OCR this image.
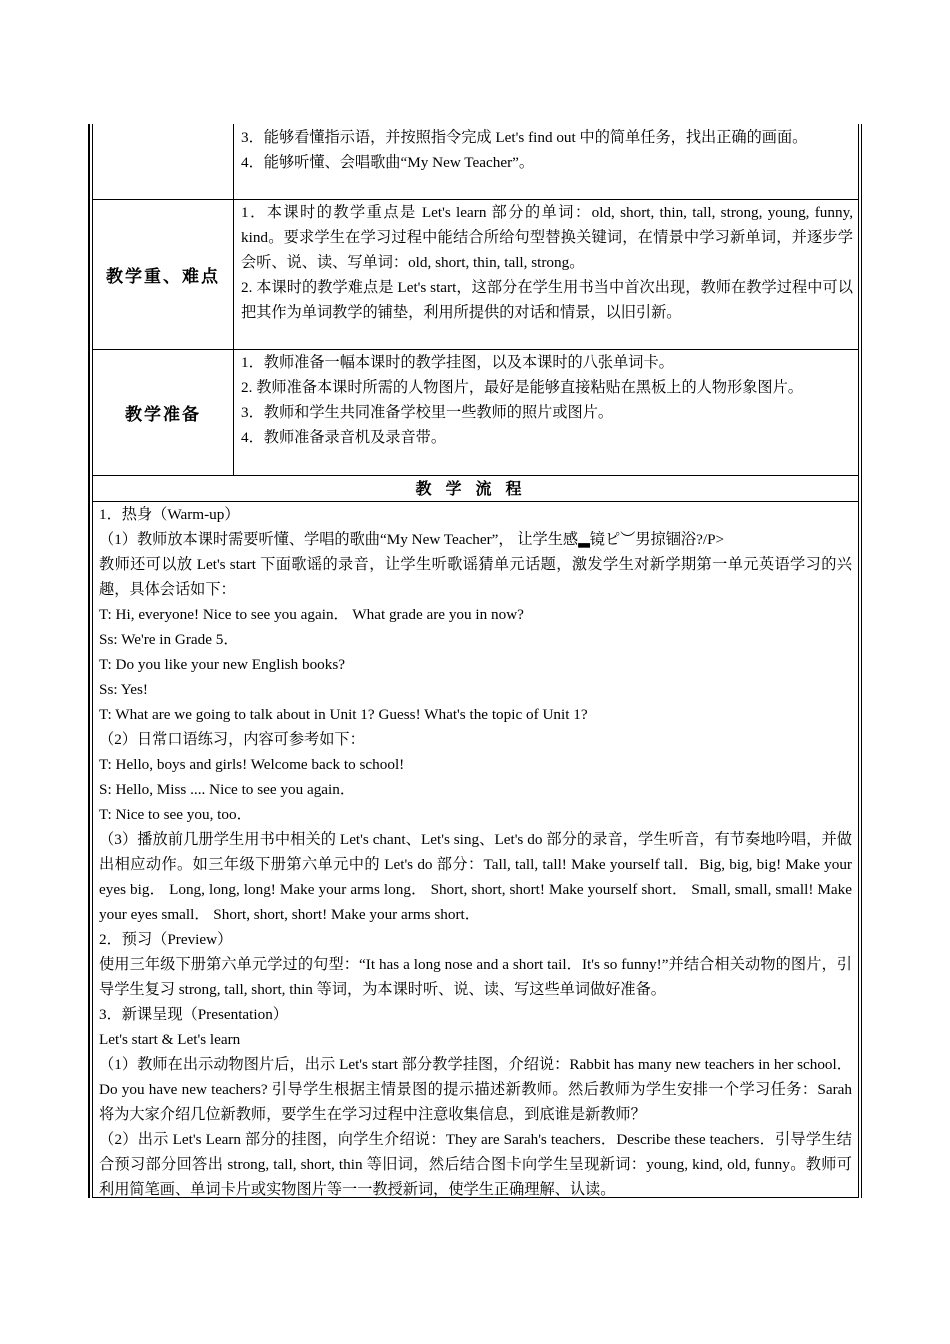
3．能够看懂指示语，并按照指令完成 Let's find out 中的简单任务，找出正确的画面。

4．能够听懂、会唱歌曲“My New Teacher”。

教学重、难点

1．本课时的教学重点是 Let's learn 部分的单词：old, short, thin, tall, strong, young, funny, kind。要求学生在学习过程中能结合所给句型替换关键词，在情景中学习新单词，并逐步学会听、说、读、写单词：old, short, thin, tall, strong。

2. 本课时的教学难点是 Let's start，这部分在学生用书当中首次出现，教师在教学过程中可以把其作为单词教学的铺垫，利用所提供的对话和情景，以旧引新。

教学准备

1．教师准备一幅本课时的教学挂图，以及本课时的八张单词卡。

2. 教师准备本课时所需的人物图片，最好是能够直接粘贴在黑板上的人物形象图片。

3．教师和学生共同准备学校里一些教师的照片或图片。

4．教师准备录音机及录音带。

教学流程

1．热身（Warm-up）

（1）教师放本课时需要听懂、学唱的歌曲“My New Teacher”， 让学生感▂镜ピ︶男掠锢浴?/P>

教师还可以放 Let's start 下面歌谣的录音，让学生听歌谣猜单元话题，激发学生对新学期第一单元英语学习的兴趣，具体会话如下：

T: Hi, everyone! Nice to see you again． What grade are you in now?

Ss: We're in Grade 5．

T: Do you like your new English books?

Ss: Yes!

T: What are we going to talk about in Unit 1? Guess! What's the topic of Unit 1?

（2）日常口语练习，内容可参考如下：

T: Hello, boys and girls! Welcome back to school!

S: Hello, Miss .... Nice to see you again．

T: Nice to see you, too．

（3）播放前几册学生用书中相关的 Let's chant、Let's sing、Let's do 部分的录音，学生听音，有节奏地吟唱，并做出相应动作。如三年级下册第六单元中的 Let's do 部分：Tall, tall, tall! Make yourself tall．Big, big, big! Make your eyes big． Long, long, long! Make your arms long． Short, short, short! Make yourself short． Small, small, small! Make your eyes small． Short, short, short! Make your arms short．

2．预习（Preview）

使用三年级下册第六单元学过的句型：“It has a long nose and a short tail．It's so funny!”并结合相关动物的图片，引导学生复习 strong, tall, short, thin 等词，为本课时听、说、读、写这些单词做好准备。

3．新课呈现（Presentation）

Let's start & Let's learn

（1）教师在出示动物图片后，出示 Let's start 部分教学挂图，介绍说：Rabbit has many new teachers in her school． Do you have new teachers? 引导学生根据主情景图的提示描述新教师。然后教师为学生安排一个学习任务：Sarah 将为大家介绍几位新教师，要学生在学习过程中注意收集信息，到底谁是新教师？

（2）出示 Let's Learn 部分的挂图，向学生介绍说：They are Sarah's teachers．Describe these teachers．引导学生结合预习部分回答出 strong, tall, short, thin 等旧词，然后结合图卡向学生呈现新词：young, kind, old, funny。教师可利用简笔画、单词卡片或实物图片等一一教授新词，使学生正确理解、认读。
